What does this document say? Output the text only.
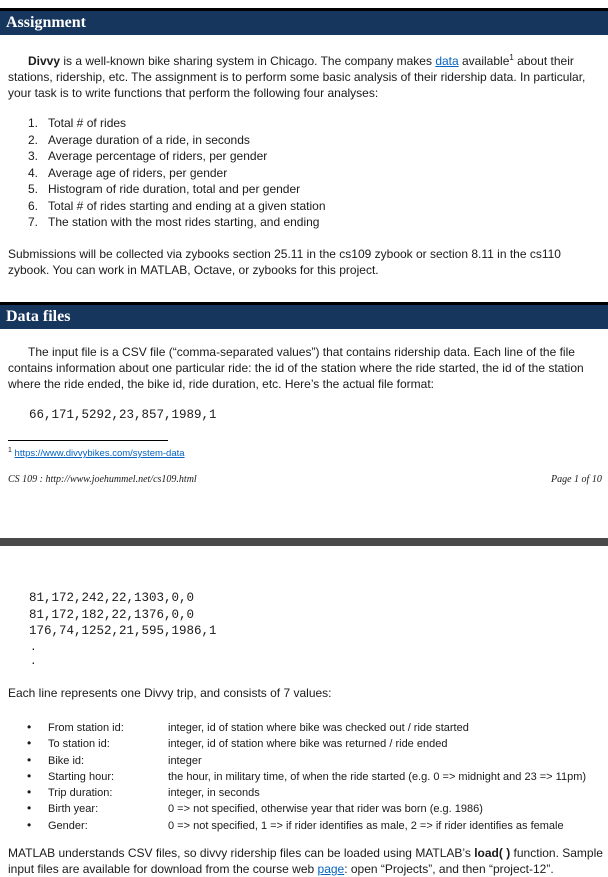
Assignment

Divvy is a well-known bike sharing system in Chicago. The company makes data available$^1$ about their stations, ridership, etc. The assignment is to perform some basic analysis of their ridership data. In particular, your task is to write functions that perform the following four analyses:

1. Total # of rides
2. Average duration of a ride, in seconds
3. Average percentage of riders, per gender
4. Average age of riders, per gender
5. Histogram of ride duration, total and per gender
6. Total # of rides starting and ending at a given station
7. The station with the most rides starting, and ending

Submissions will be collected via zybooks section 25.11 in the cs109 zybook or section 8.11 in the cs110 zybook. You can work in MATLAB, Octave, or zybooks for this project.

Data files

The input file is a CSV file (“comma-separated values”) that contains ridership data. Each line of the file contains information about one particular ride: the id of the station where the ride started, the id of the station where the ride ended, the bike id, ride duration, etc. Here’s the actual file format:

66,171,5292,23,857,1989,1
$^1$ https://www.divvybikes.com/system-data
CS 109 : http://www.joehummel.net/cs109.html	Page 1 of 10
81,172,242,22,1303,0,0
81,172,182,22,1376,0,0
176,74,1252,21,595,1986,1
·
·

Each line represents one Divvy trip, and consists of 7 values:

• From station id:	integer, id of station where bike was checked out / ride started
• To station id:	integer, id of station where bike was returned / ride ended
• Bike id:	integer
• Starting hour:	the hour, in military time, of when the ride started (e.g. 0 => midnight and 23 => 11pm)
• Trip duration:	integer, in seconds
• Birth year:	0 => not specified, otherwise year that rider was born (e.g. 1986)
• Gender:	0 => not specified, 1 => if rider identifies as male, 2 => if rider identifies as female

MATLAB understands CSV files, so divvy ridership files can be loaded using MATLAB’s load( ) function. Sample
input files are available for download from the course web page: open “Projects”, and then “project-12”.
